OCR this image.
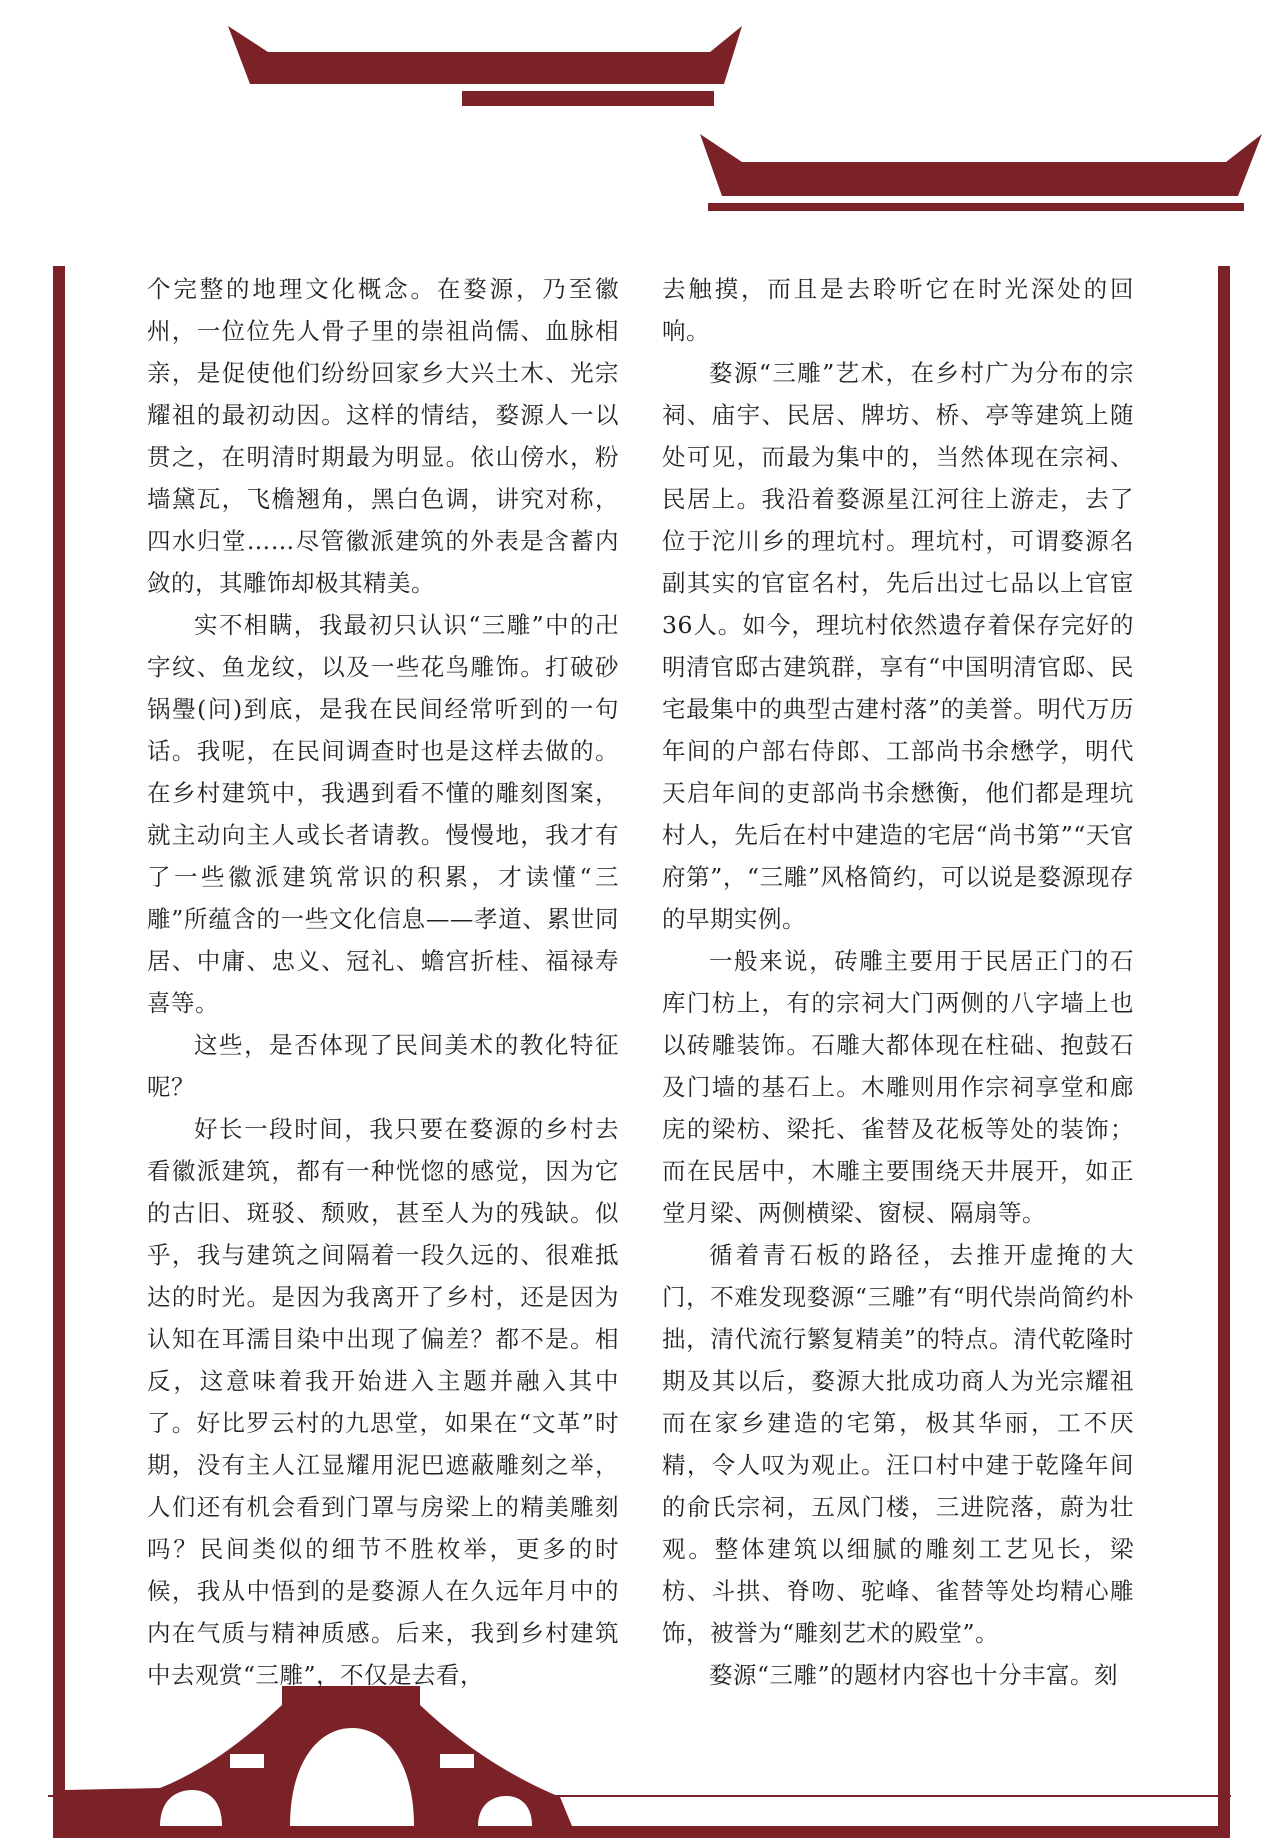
个完整的地理文化概念。在婺源，乃至徽州，一位位先人骨子里的崇祖尚儒、血脉相亲，是促使他们纷纷回家乡大兴土木、光宗耀祖的最初动因。这样的情结，婺源人一以贯之，在明清时期最为明显。依山傍水，粉墙黛瓦，飞檐翘角，黑白色调，讲究对称，四水归堂……尽管徽派建筑的外表是含蓄内敛的，其雕饰却极其精美。

实不相瞒，我最初只认识“三雕”中的卍字纹、鱼龙纹，以及一些花鸟雕饰。打破砂锅璺(问)到底，是我在民间经常听到的一句话。我呢，在民间调查时也是这样去做的。在乡村建筑中，我遇到看不懂的雕刻图案，就主动向主人或长者请教。慢慢地，我才有了一些徽派建筑常识的积累，才读懂“三雕”所蕴含的一些文化信息——孝道、累世同居、中庸、忠义、冠礼、蟾宫折桂、福禄寿喜等。

这些，是否体现了民间美术的教化特征呢？

好长一段时间，我只要在婺源的乡村去看徽派建筑，都有一种恍惚的感觉，因为它的古旧、斑驳、颓败，甚至人为的残缺。似乎，我与建筑之间隔着一段久远的、很难抵达的时光。是因为我离开了乡村，还是因为认知在耳濡目染中出现了偏差？都不是。相反，这意味着我开始进入主题并融入其中了。好比罗云村的九思堂，如果在“文革”时期，没有主人江显耀用泥巴遮蔽雕刻之举，人们还有机会看到门罩与房梁上的精美雕刻吗？民间类似的细节不胜枚举，更多的时候，我从中悟到的是婺源人在久远年月中的内在气质与精神质感。后来，我到乡村建筑中去观赏“三雕”，不仅是去看，

去触摸，而且是去聆听它在时光深处的回响。

婺源“三雕”艺术，在乡村广为分布的宗祠、庙宇、民居、牌坊、桥、亭等建筑上随处可见，而最为集中的，当然体现在宗祠、民居上。我沿着婺源星江河往上游走，去了位于沱川乡的理坑村。理坑村，可谓婺源名副其实的官宦名村，先后出过七品以上官宦36人。如今，理坑村依然遗存着保存完好的明清官邸古建筑群，享有“中国明清官邸、民宅最集中的典型古建村落”的美誉。明代万历年间的户部右侍郎、工部尚书余懋学，明代天启年间的吏部尚书余懋衡，他们都是理坑村人，先后在村中建造的宅居“尚书第”“天官府第”，“三雕”风格简约，可以说是婺源现存的早期实例。

一般来说，砖雕主要用于民居正门的石库门枋上，有的宗祠大门两侧的八字墙上也以砖雕装饰。石雕大都体现在柱础、抱鼓石及门墙的基石上。木雕则用作宗祠享堂和廊庑的梁枋、梁托、雀替及花板等处的装饰；而在民居中，木雕主要围绕天井展开，如正堂月梁、两侧横梁、窗棂、隔扇等。

循着青石板的路径，去推开虚掩的大门，不难发现婺源“三雕”有“明代崇尚简约朴拙，清代流行繁复精美”的特点。清代乾隆时期及其以后，婺源大批成功商人为光宗耀祖而在家乡建造的宅第，极其华丽，工不厌精，令人叹为观止。汪口村中建于乾隆年间的俞氏宗祠，五凤门楼，三进院落，蔚为壮观。整体建筑以细腻的雕刻工艺见长，梁枋、斗拱、脊吻、驼峰、雀替等处均精心雕饰，被誉为“雕刻艺术的殿堂”。

婺源“三雕”的题材内容也十分丰富。刻
